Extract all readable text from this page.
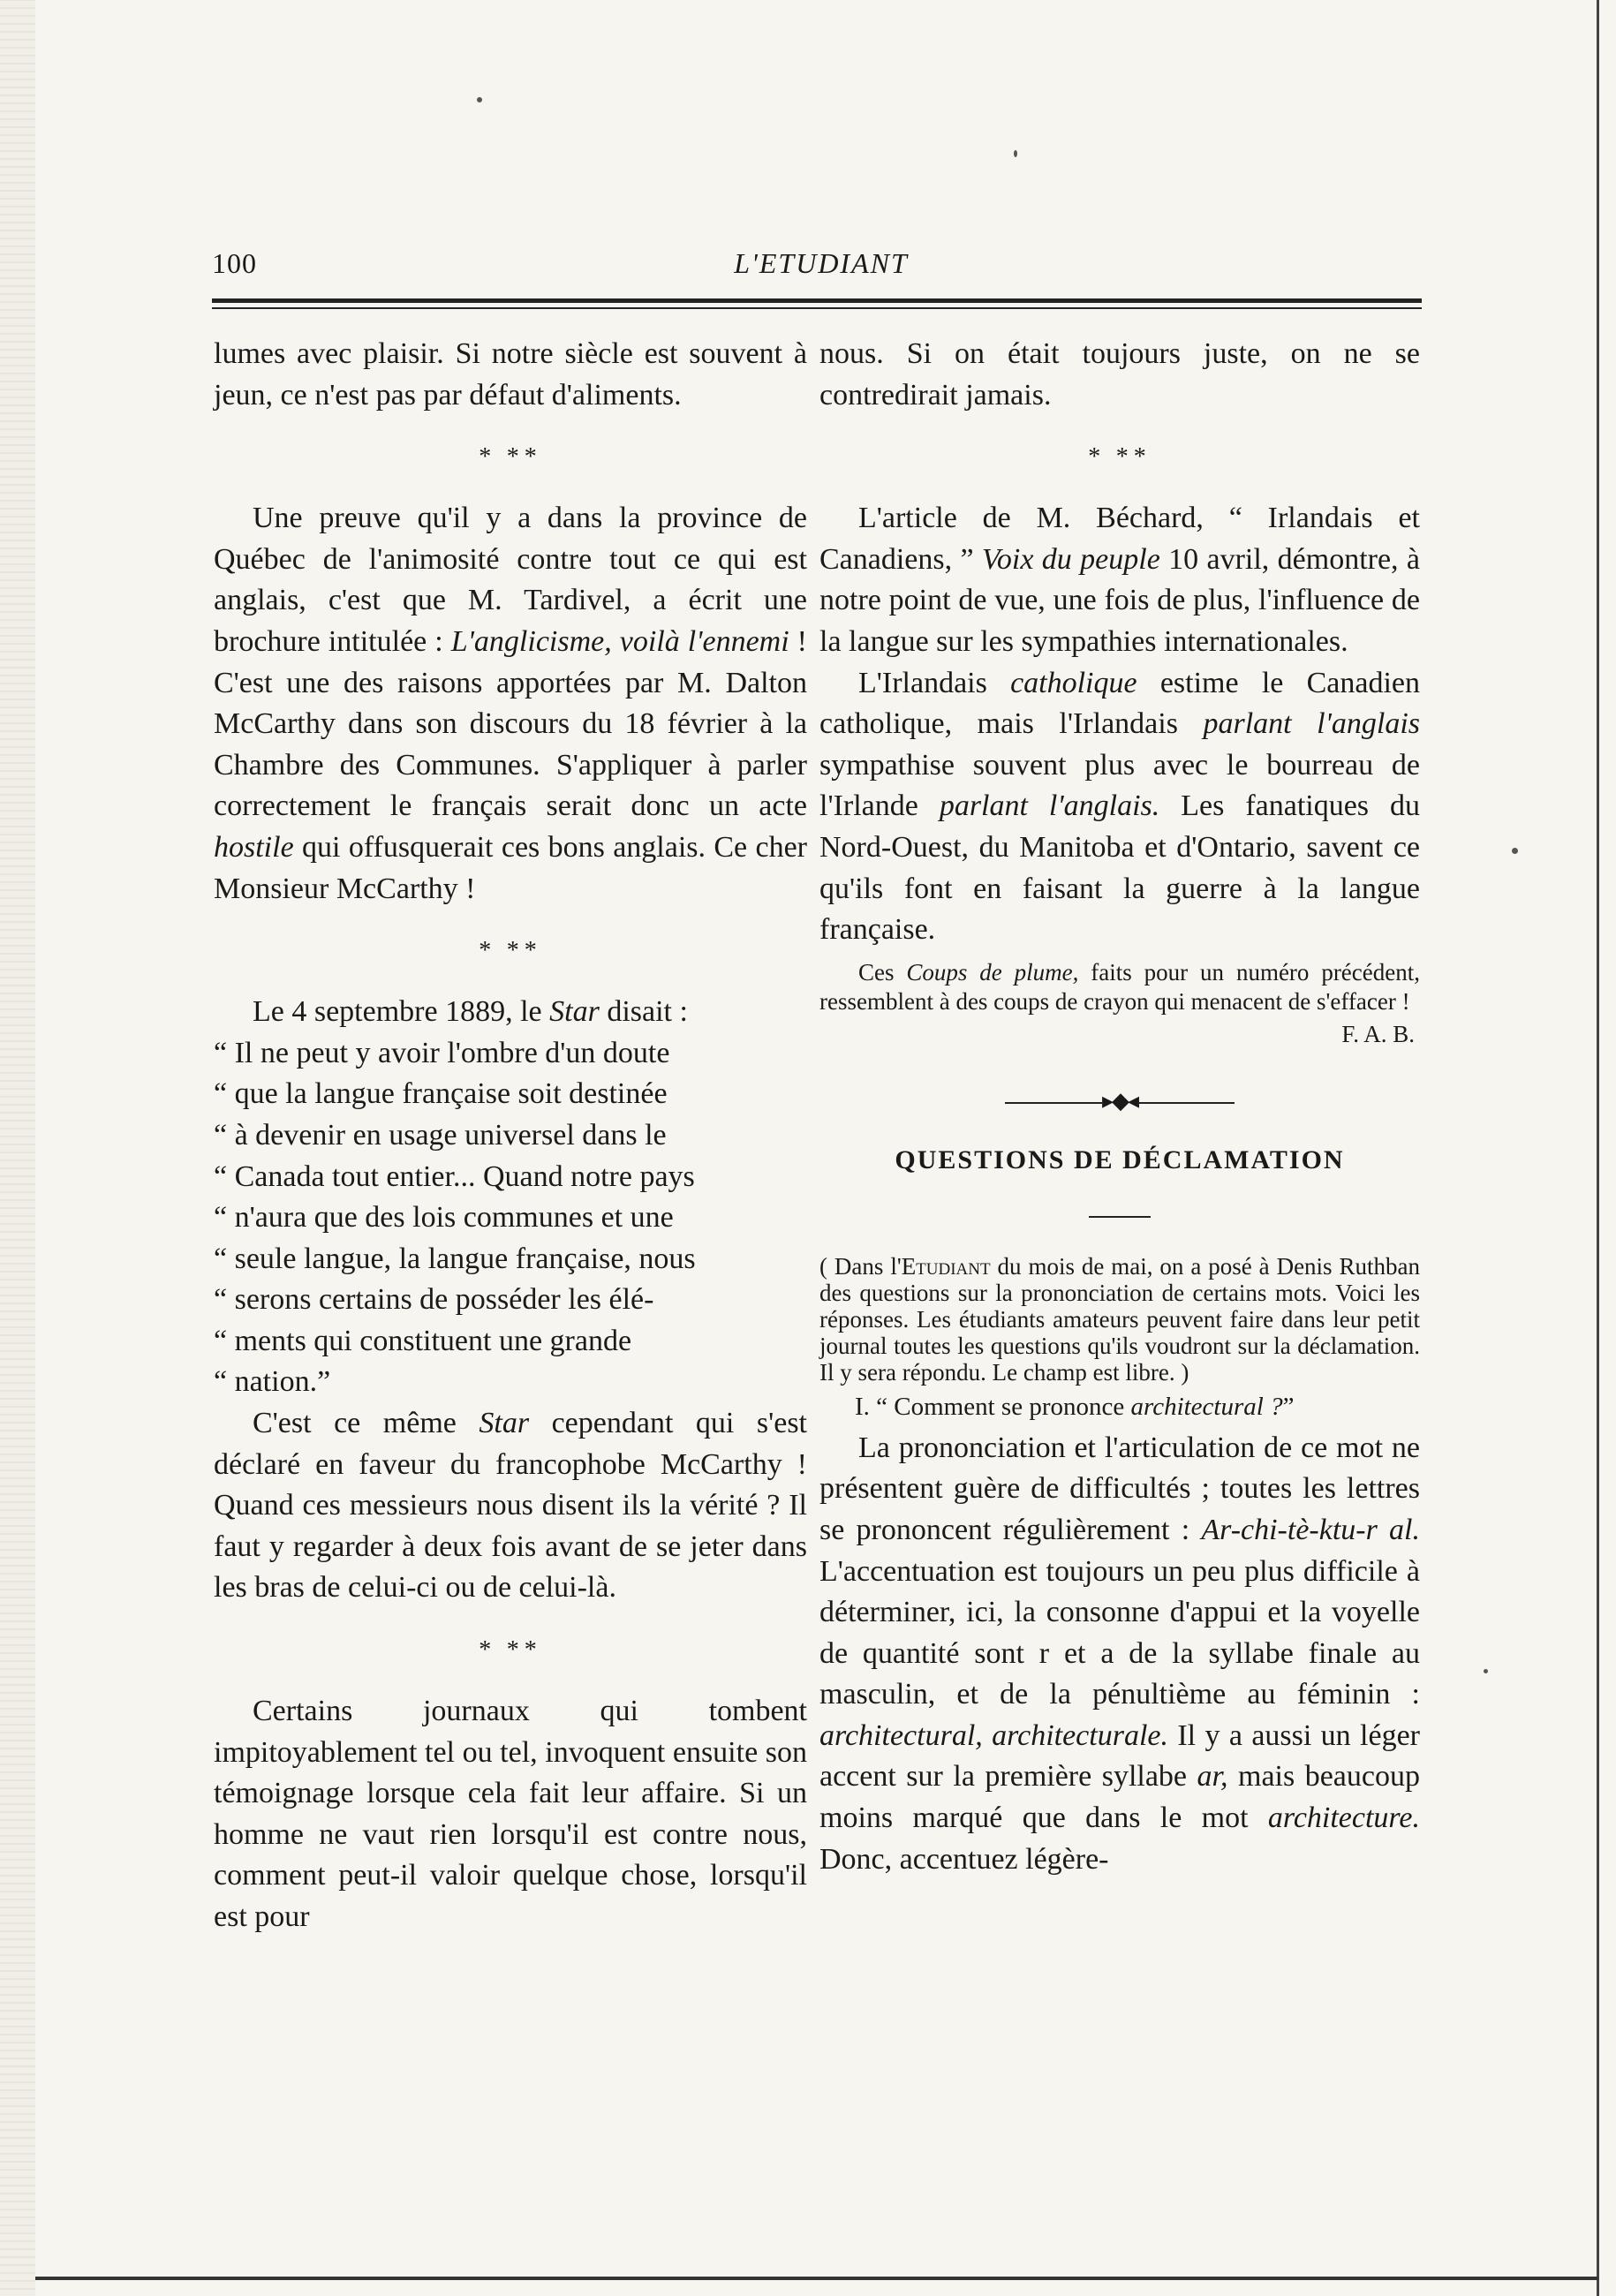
100	L'ETUDIANT

lumes avec plaisir. Si notre siècle est souvent à jeun, ce n'est pas par défaut d'aliments.

* **

Une preuve qu'il y a dans la province de Québec de l'animosité contre tout ce qui est anglais, c'est que M. Tardivel, a écrit une brochure intitulée : L'anglicisme, voilà l'ennemi ! C'est une des raisons apportées par M. Dalton McCarthy dans son discours du 18 février à la Chambre des Communes. S'appliquer à parler correctement le français serait donc un acte hostile qui offusquerait ces bons anglais. Ce cher Monsieur McCarthy !

* **

Le 4 septembre 1889, le Star disait :

“ Il ne peut y avoir l'ombre d'un doute

“ que la langue française soit destinée

“ à devenir en usage universel dans le

“ Canada tout entier... Quand notre pays

“ n'aura que des lois communes et une

“ seule langue, la langue française, nous

“ serons certains de posséder les élé-

“ ments qui constituent une grande

“ nation.”

C'est ce même Star cependant qui s'est déclaré en faveur du francophobe McCarthy ! Quand ces messieurs nous disent ils la vérité ? Il faut y regarder à deux fois avant de se jeter dans les bras de celui-ci ou de celui-là.

* **

Certains journaux qui tombent impitoyablement tel ou tel, invoquent ensuite son témoignage lorsque cela fait leur affaire. Si un homme ne vaut rien lorsqu'il est contre nous, comment peut-il valoir quelque chose, lorsqu'il est pour

nous. Si on était toujours juste, on ne se contredirait jamais.

* **

L'article de M. Béchard, “ Irlandais et Canadiens, ” Voix du peuple 10 avril, démontre, à notre point de vue, une fois de plus, l'influence de la langue sur les sympathies internationales.

L'Irlandais catholique estime le Canadien catholique, mais l'Irlandais parlant l'anglais sympathise souvent plus avec le bourreau de l'Irlande parlant l'anglais. Les fanatiques du Nord-Ouest, du Manitoba et d'Ontario, savent ce qu'ils font en faisant la guerre à la langue française.

Ces Coups de plume, faits pour un numéro précédent, ressemblent à des coups de crayon qui menacent de s'effacer !

F. A. B.
▸◆◂
QUESTIONS DE DÉCLAMATION

( Dans l'Etudiant du mois de mai, on a posé à Denis Ruthban des questions sur la prononciation de certains mots. Voici les réponses. Les étudiants amateurs peuvent faire dans leur petit journal toutes les questions qu'ils voudront sur la déclamation. Il y sera répondu. Le champ est libre. )

I. “ Comment se prononce architectural ?”

La prononciation et l'articulation de ce mot ne présentent guère de difficultés ; toutes les lettres se prononcent régulièrement : Ar-chi-tè-ktu-r al. L'accentuation est toujours un peu plus difficile à déterminer, ici, la consonne d'appui et la voyelle de quantité sont r et a de la syllabe finale au masculin, et de la pénultième au féminin : architectural, architecturale. Il y a aussi un léger accent sur la première syllabe ar, mais beaucoup moins marqué que dans le mot architecture. Donc, accentuez légère-
